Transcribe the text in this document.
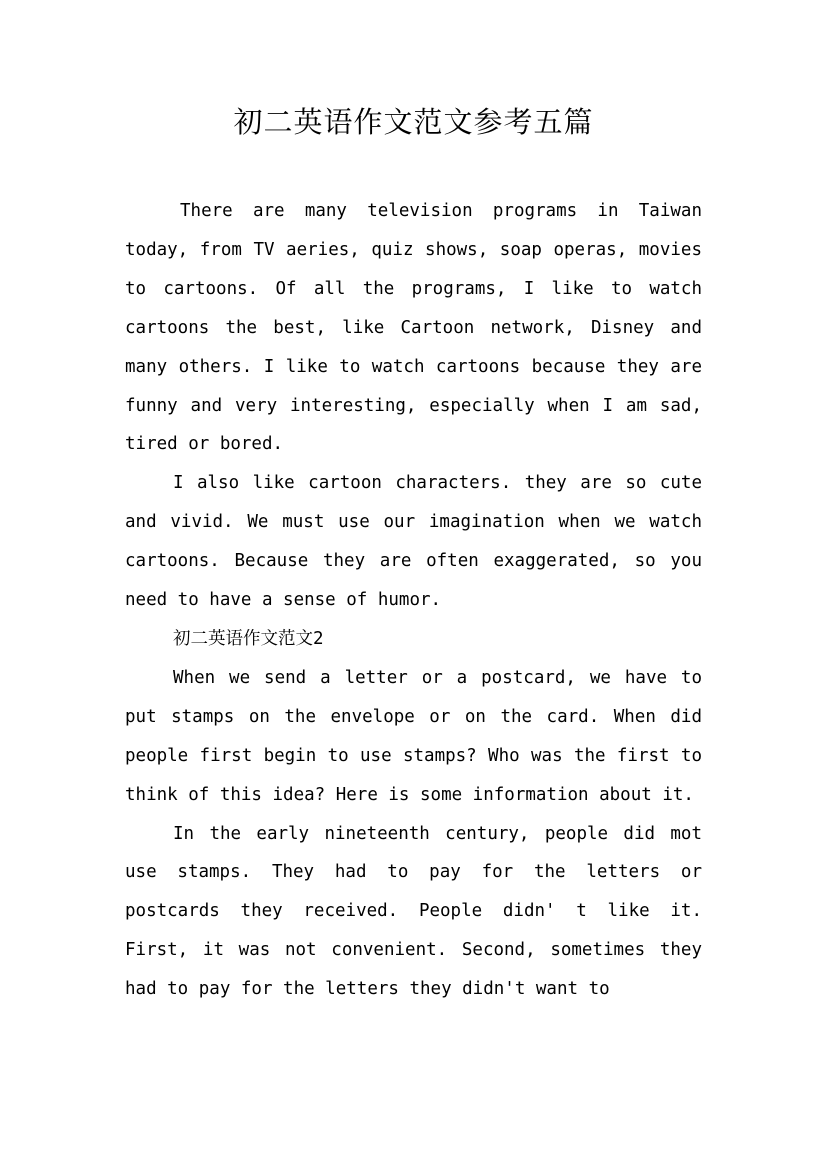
初二英语作文范文参考五篇

There are many television programs in Taiwan today, from TV aeries, quiz shows, soap operas, movies to cartoons. Of all the programs, I like to watch cartoons the best, like Cartoon network, Disney and many others. I like to watch cartoons because they are funny and very interesting, especially when I am sad, tired or bored.

I also like cartoon characters. they are so cute and vivid. We must use our imagination when we watch cartoons. Because they are often exaggerated, so you need to have a sense of humor.

初二英语作文范文2

When we send a letter or a postcard, we have to put stamps on the envelope or on the card. When did people first begin to use stamps? Who was the first to think of this idea? Here is some information about it.

In the early nineteenth century, people did mot use stamps. They had to pay for the letters or postcards they received. People didn' t like it. First, it was not convenient. Second, sometimes they had to pay for the letters they didn't want to
